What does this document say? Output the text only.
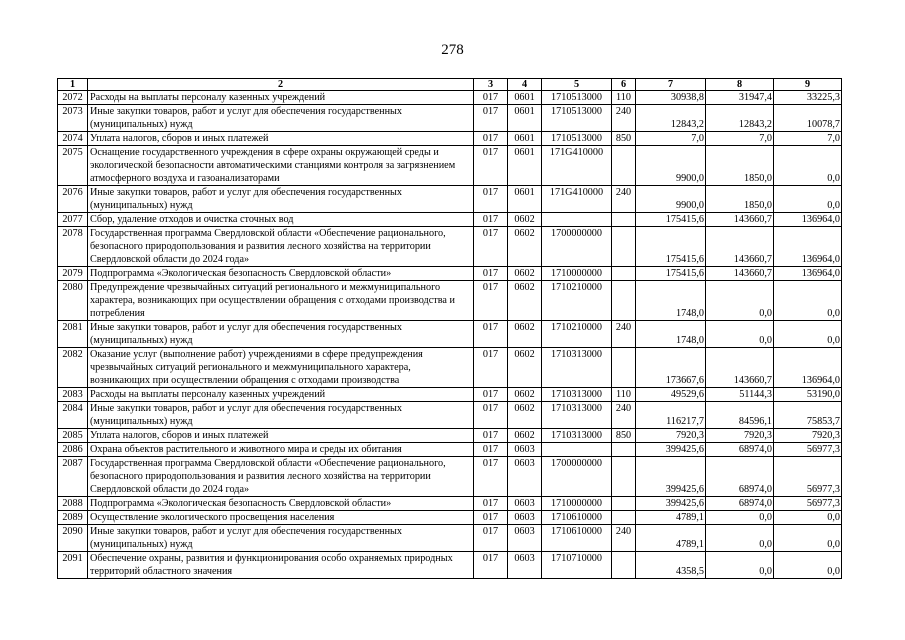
278
1	2	3	4	5	6	7	8	9
2072	Расходы на выплаты персоналу казенных учреждений	017	0601	1710513000	110	30938,8	31947,4	33225,3
2073	Иные закупки товаров, работ и услуг для обеспечения государственных (муниципальных) нужд	017	0601	1710513000	240	12843,2	12843,2	10078,7
2074	Уплата налогов, сборов и иных платежей	017	0601	1710513000	850	7,0	7,0	7,0
2075	Оснащение государственного учреждения в сфере охраны окружающей среды и экологической безопасности автоматическими станциями контроля за загрязнением атмосферного воздуха и газоанализаторами	017	0601	171G410000		9900,0	1850,0	0,0
2076	Иные закупки товаров, работ и услуг для обеспечения государственных (муниципальных) нужд	017	0601	171G410000	240	9900,0	1850,0	0,0
2077	Сбор, удаление отходов и очистка сточных вод	017	0602			175415,6	143660,7	136964,0
2078	Государственная программа Свердловской области «Обеспечение рационального, безопасного природопользования и развития лесного хозяйства на территории Свердловской области до 2024 года»	017	0602	1700000000		175415,6	143660,7	136964,0
2079	Подпрограмма «Экологическая безопасность Свердловской области»	017	0602	1710000000		175415,6	143660,7	136964,0
2080	Предупреждение чрезвычайных ситуаций регионального и межмуниципального характера, возникающих при осуществлении обращения с отходами производства и потребления	017	0602	1710210000		1748,0	0,0	0,0
2081	Иные закупки товаров, работ и услуг для обеспечения государственных (муниципальных) нужд	017	0602	1710210000	240	1748,0	0,0	0,0
2082	Оказание услуг (выполнение работ) учреждениями в сфере предупреждения чрезвычайных ситуаций регионального и межмуниципального характера, возникающих при осуществлении обращения с отходами производства	017	0602	1710313000		173667,6	143660,7	136964,0
2083	Расходы на выплаты персоналу казенных учреждений	017	0602	1710313000	110	49529,6	51144,3	53190,0
2084	Иные закупки товаров, работ и услуг для обеспечения государственных (муниципальных) нужд	017	0602	1710313000	240	116217,7	84596,1	75853,7
2085	Уплата налогов, сборов и иных платежей	017	0602	1710313000	850	7920,3	7920,3	7920,3
2086	Охрана объектов растительного и животного мира и среды их обитания	017	0603			399425,6	68974,0	56977,3
2087	Государственная программа Свердловской области «Обеспечение рационального, безопасного природопользования и развития лесного хозяйства на территории Свердловской области до 2024 года»	017	0603	1700000000		399425,6	68974,0	56977,3
2088	Подпрограмма «Экологическая безопасность Свердловской области»	017	0603	1710000000		399425,6	68974,0	56977,3
2089	Осуществление экологического просвещения населения	017	0603	1710610000		4789,1	0,0	0,0
2090	Иные закупки товаров, работ и услуг для обеспечения государственных (муниципальных) нужд	017	0603	1710610000	240	4789,1	0,0	0,0
2091	Обеспечение охраны, развития и функционирования особо охраняемых природных территорий областного значения	017	0603	1710710000		4358,5	0,0	0,0
